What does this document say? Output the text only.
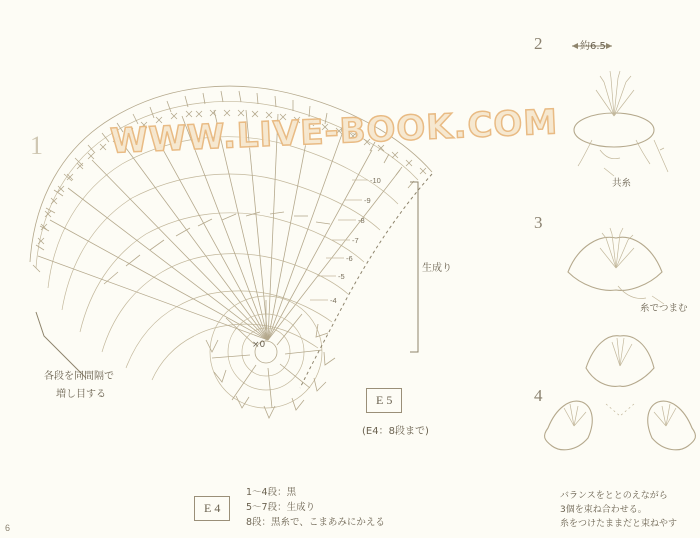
-10
-9
-8
-7
-6
-5
-4
×0
1 WWW.LIVE-BOOK.COM
生成り
各段を同間隔で
増し目する	E 5
(E4：8段まで)
E 4
1～4段：黒
5～7段：生成り
8段：黒糸で、こまあみにかえる
2
3
4
約6.5
共糸
糸でつまむ
バランスをととのえながら
3個を束ね合わせる。
糸をつけたままだと束ねやす
6
